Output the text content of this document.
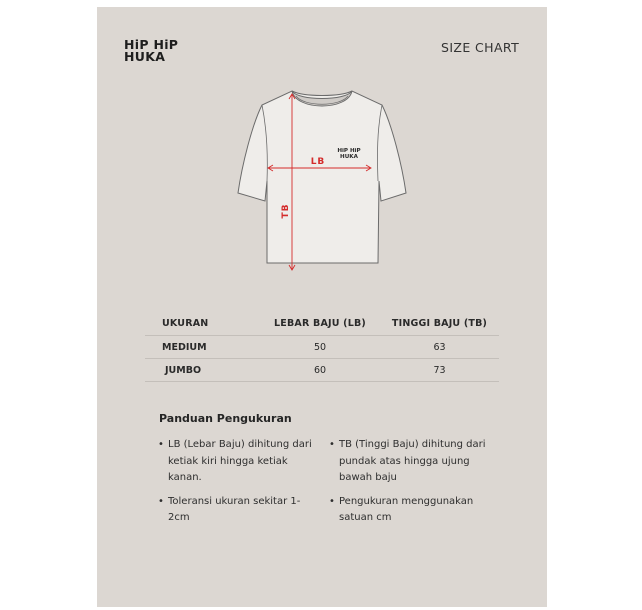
HiP HiP
HUKA
SIZE CHART
LB
TB
HiP HiP
HUKA
UKURAN	LEBAR BAJU (LB)	TINGGI BAJU (TB)
MEDIUM	50	63
JUMBO	60	73
Panduan Pengukuran
• LB (Lebar Baju) dihitung dari ketiak kiri hingga ketiak kanan.
• Toleransi ukuran sekitar 1-2cm
• TB (Tinggi Baju) dihitung dari pundak atas hingga ujung bawah baju
• Pengukuran menggunakan satuan cm
